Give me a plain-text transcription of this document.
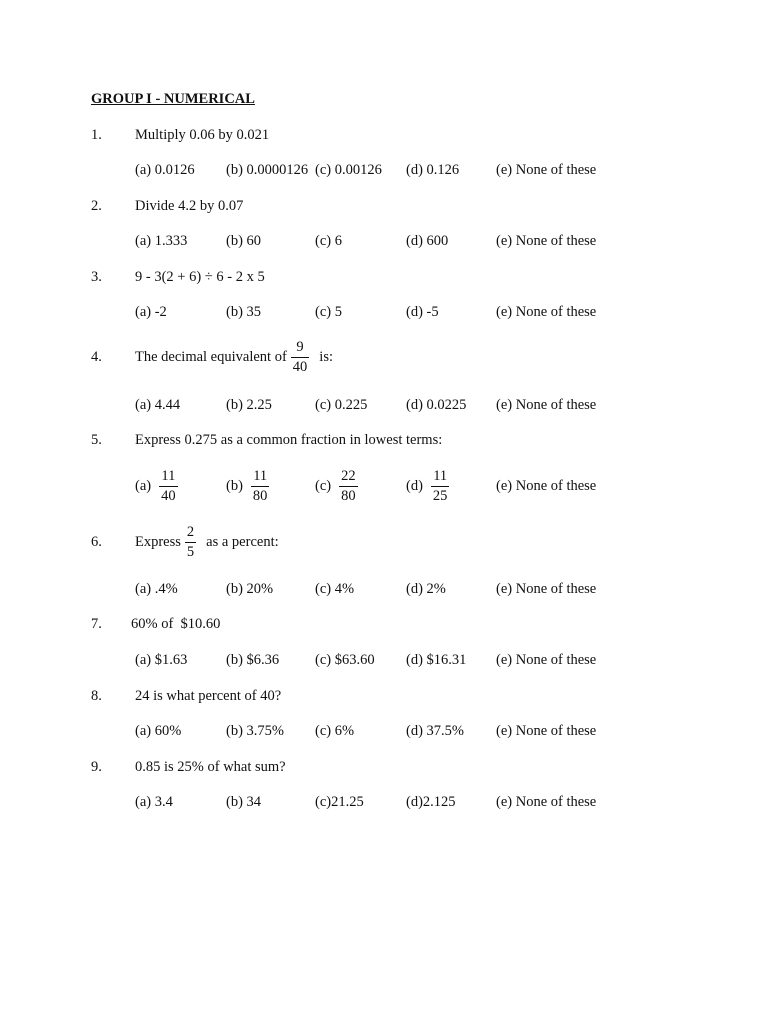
GROUP I - NUMERICAL
1. Multiply 0.06 by 0.021
(a) 0.0126 (b) 0.0000126 (c) 0.00126 (d) 0.126	(e) None of these
2. Divide 4.2 by 0.07
(a) 1.333	(b) 60	(c) 6	(d) 600	(e) None of these
3. 9 - 3(2 + 6) ÷ 6 - 2 x 5
(a) -2	(b) 35	(c) 5	(d) -5	(e) None of these
4. The decimal equivalent of $\frac{9}{40}$ is:
(a) 4.44	(b) 2.25	(c) 0.225	(d) 0.0225 (e) None of these
5. Express 0.275 as a common fraction in lowest terms:
$(a) \frac{11}{40}$	$(b) \frac{11}{80}$	$(c) \frac{22}{80}$	$(d) \frac{11}{25}$	(e) None of these
6. Express $\frac{2}{5}$ as a percent:
(a) .4%	(b) 20%	(c) 4%	(d) 2%	(e) None of these
7. 60% of  $10.60
(a) $1.63	(b) $6.36 (c) $63.60 (d) $16.31 (e) None of these
8. 24 is what percent of 40?
(a) 60%	(b) 3.75% (c) 6%	(d) 37.5% (e) None of these
9. 0.85 is 25% of what sum?
(a) 3.4	(b) 34	(c)21.25	(d)2.125	(e) None of these
